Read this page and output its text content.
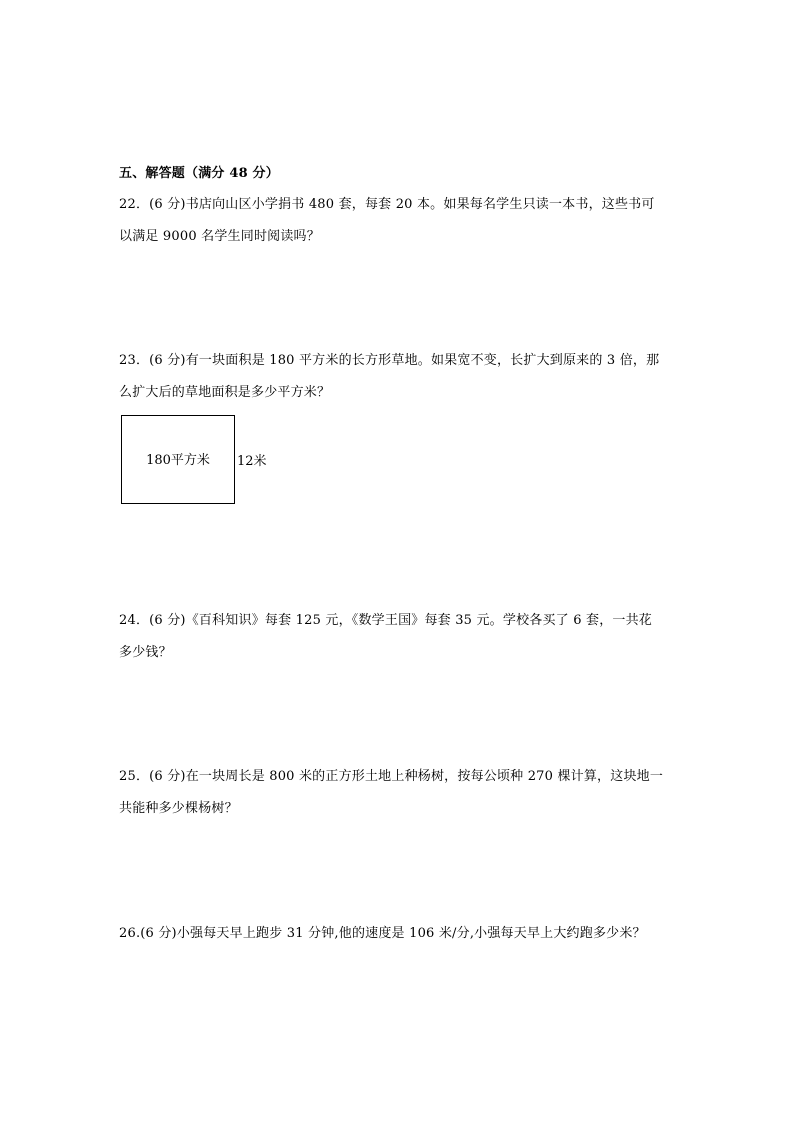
五、解答题（满分 48 分）
22．(6 分)书店向山区小学捐书 480 套，每套 20 本。如果每名学生只读一本书，这些书可
以满足 9000 名学生同时阅读吗？
23．(6 分)有一块面积是 180 平方米的长方形草地。如果宽不变，长扩大到原来的 3 倍，那
么扩大后的草地面积是多少平方米？
180平方米	12米
24．(6 分)《百科知识》每套 125 元，《数学王国》每套 35 元。学校各买了 6 套，一共花
多少钱？
25．(6 分)在一块周长是 800 米的正方形土地上种杨树，按每公顷种 270 棵计算，这块地一
共能种多少棵杨树？
26.(6 分)小强每天早上跑步 31 分钟,他的速度是 106 米/分,小强每天早上大约跑多少米？
